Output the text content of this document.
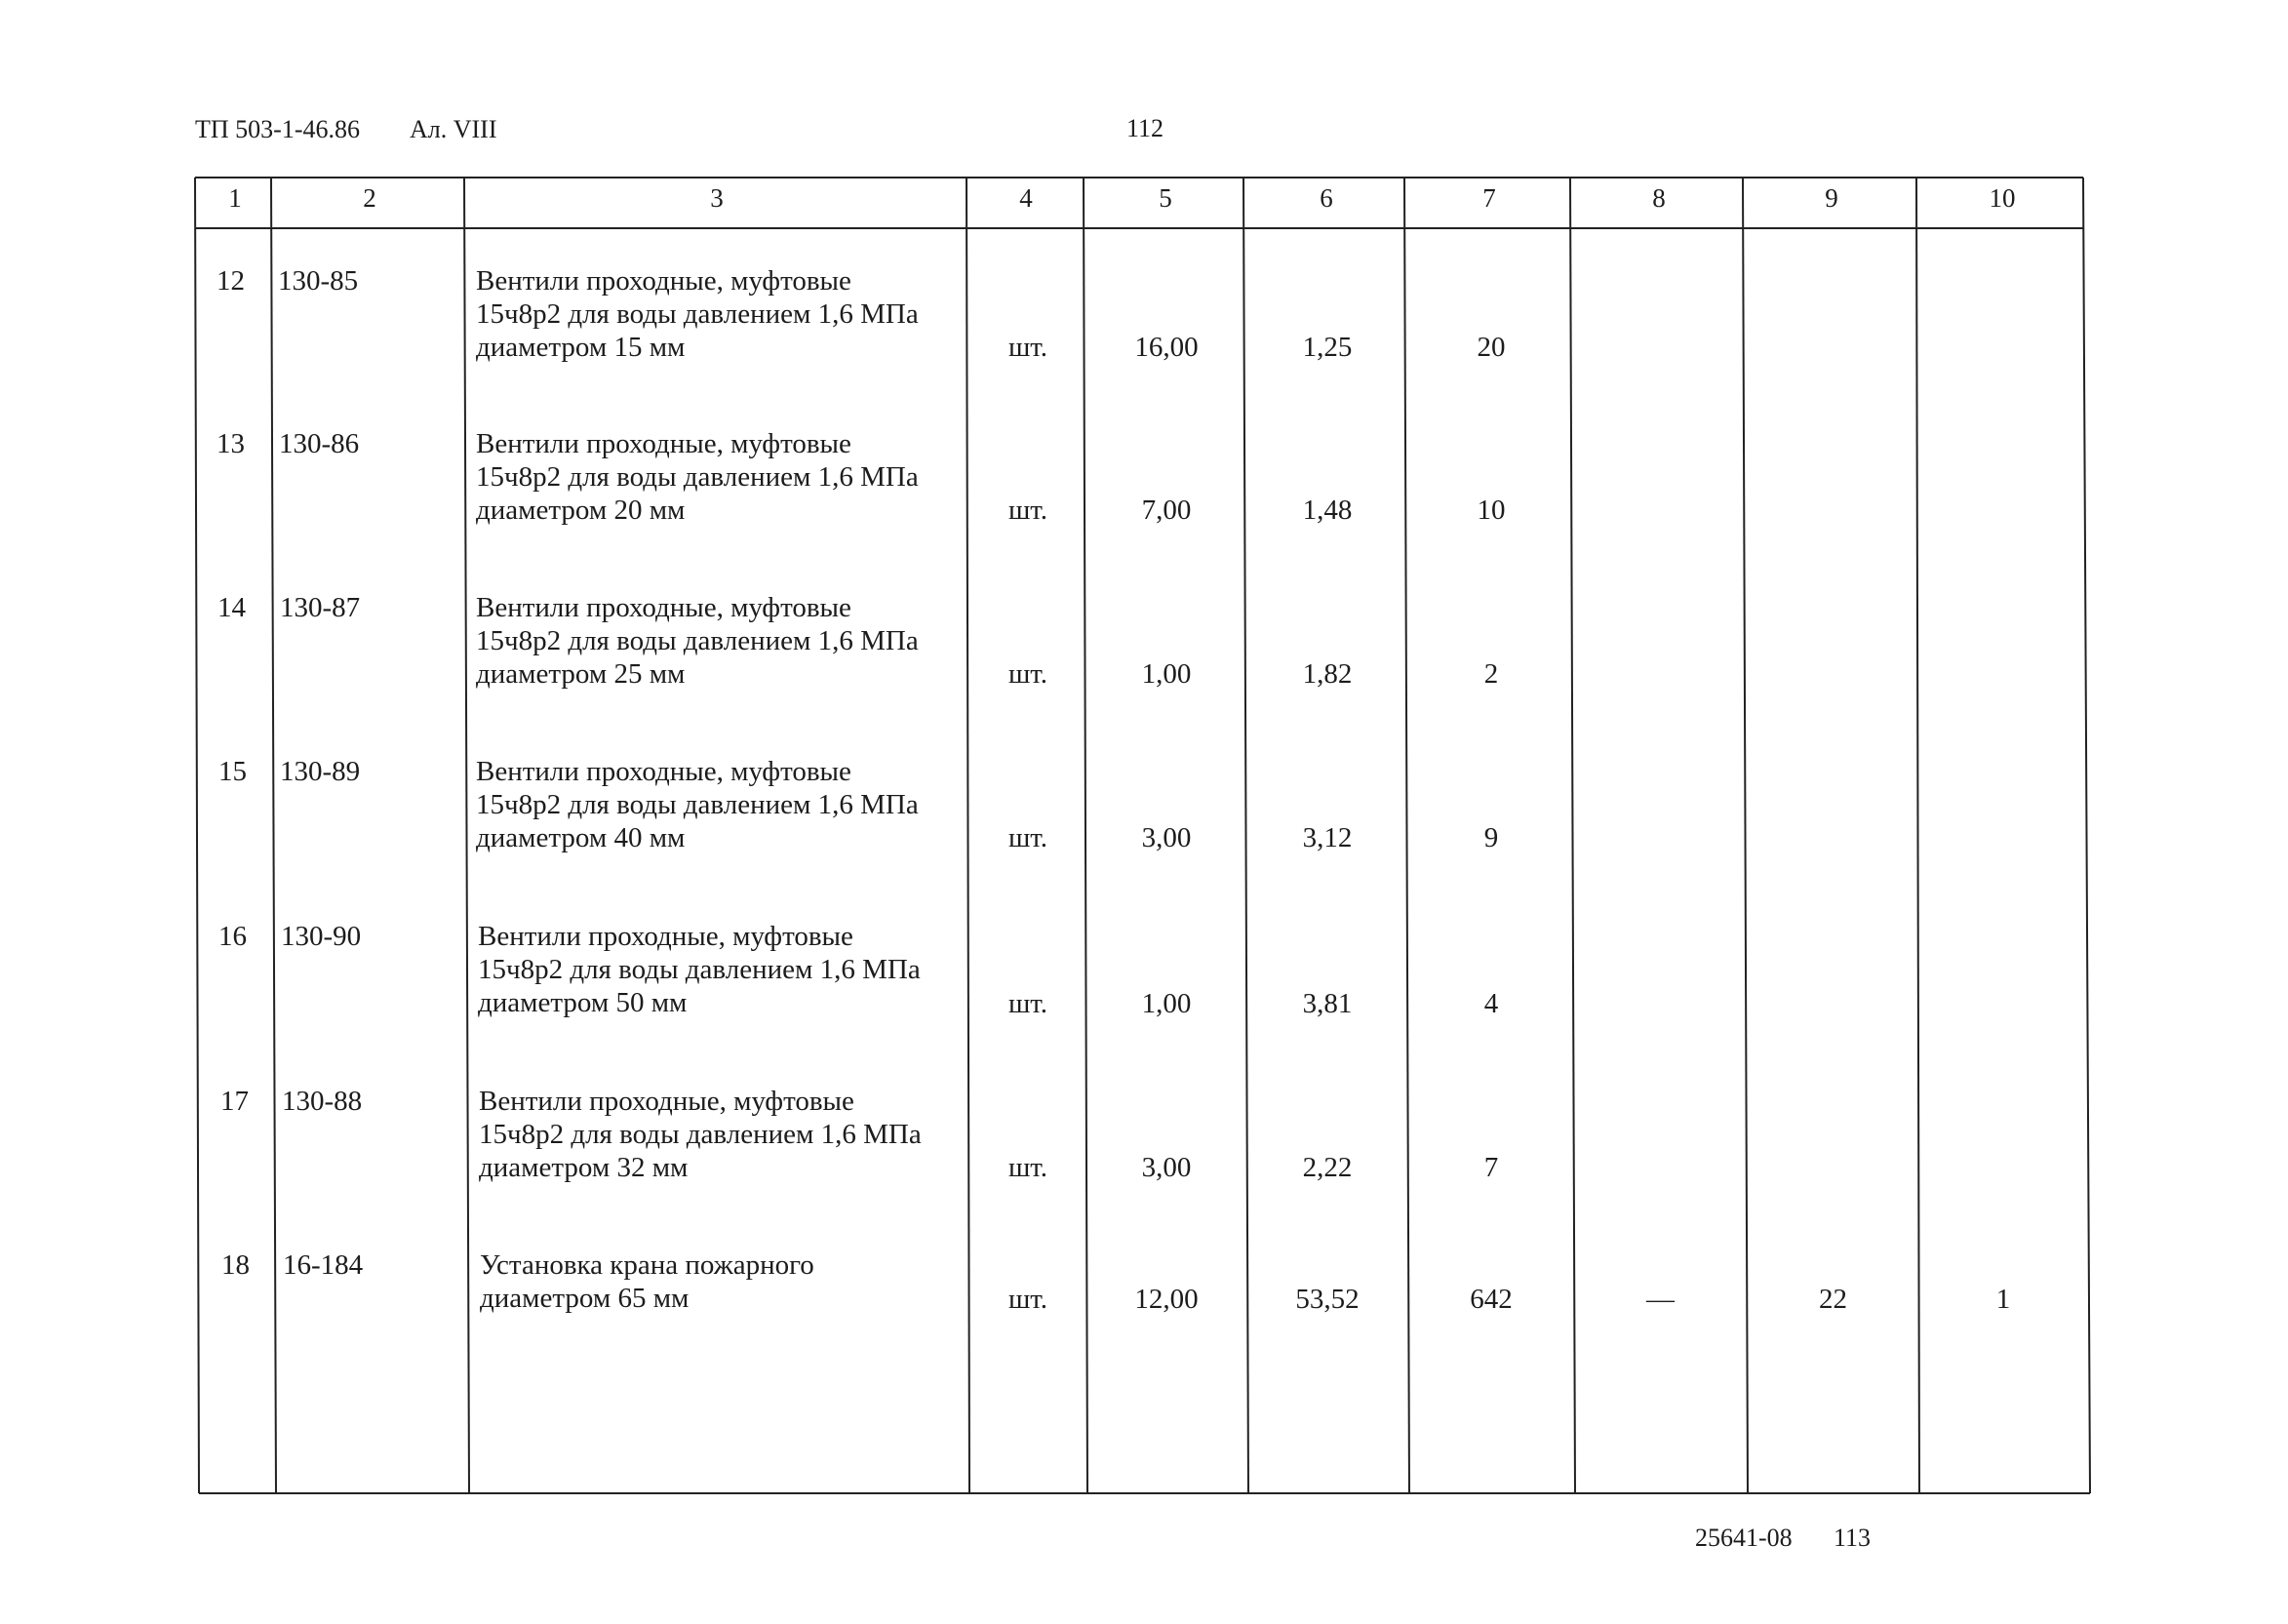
ТП 503-1-46.86 Ал. VIII	112
1	2	3	4	5	6	7	8	9	10
12 130-85	Вентили проходные, муфтовые
15ч8р2 для воды давлением 1,6 МПа
диаметром 15 мм	шт.	16,00	1,25	20
13 130-86	Вентили проходные, муфтовые
15ч8р2 для воды давлением 1,6 МПа
диаметром 20 мм	шт.	7,00	1,48	10
14 130-87	Вентили проходные, муфтовые
15ч8р2 для воды давлением 1,6 МПа
диаметром 25 мм	шт.	1,00	1,82	2
15 130-89	Вентили проходные, муфтовые
15ч8р2 для воды давлением 1,6 МПа
диаметром 40 мм	шт.	3,00	3,12	9
16 130-90	Вентили проходные, муфтовые
15ч8р2 для воды давлением 1,6 МПа
диаметром 50 мм	шт.	1,00	3,81	4
17 130-88	Вентили проходные, муфтовые
15ч8р2 для воды давлением 1,6 МПа
диаметром 32 мм	шт.	3,00	2,22	7
18 16-184	Установка крана пожарного
диаметром 65 мм	шт.	12,00	53,52	642	—	22	1
25641-08 113
